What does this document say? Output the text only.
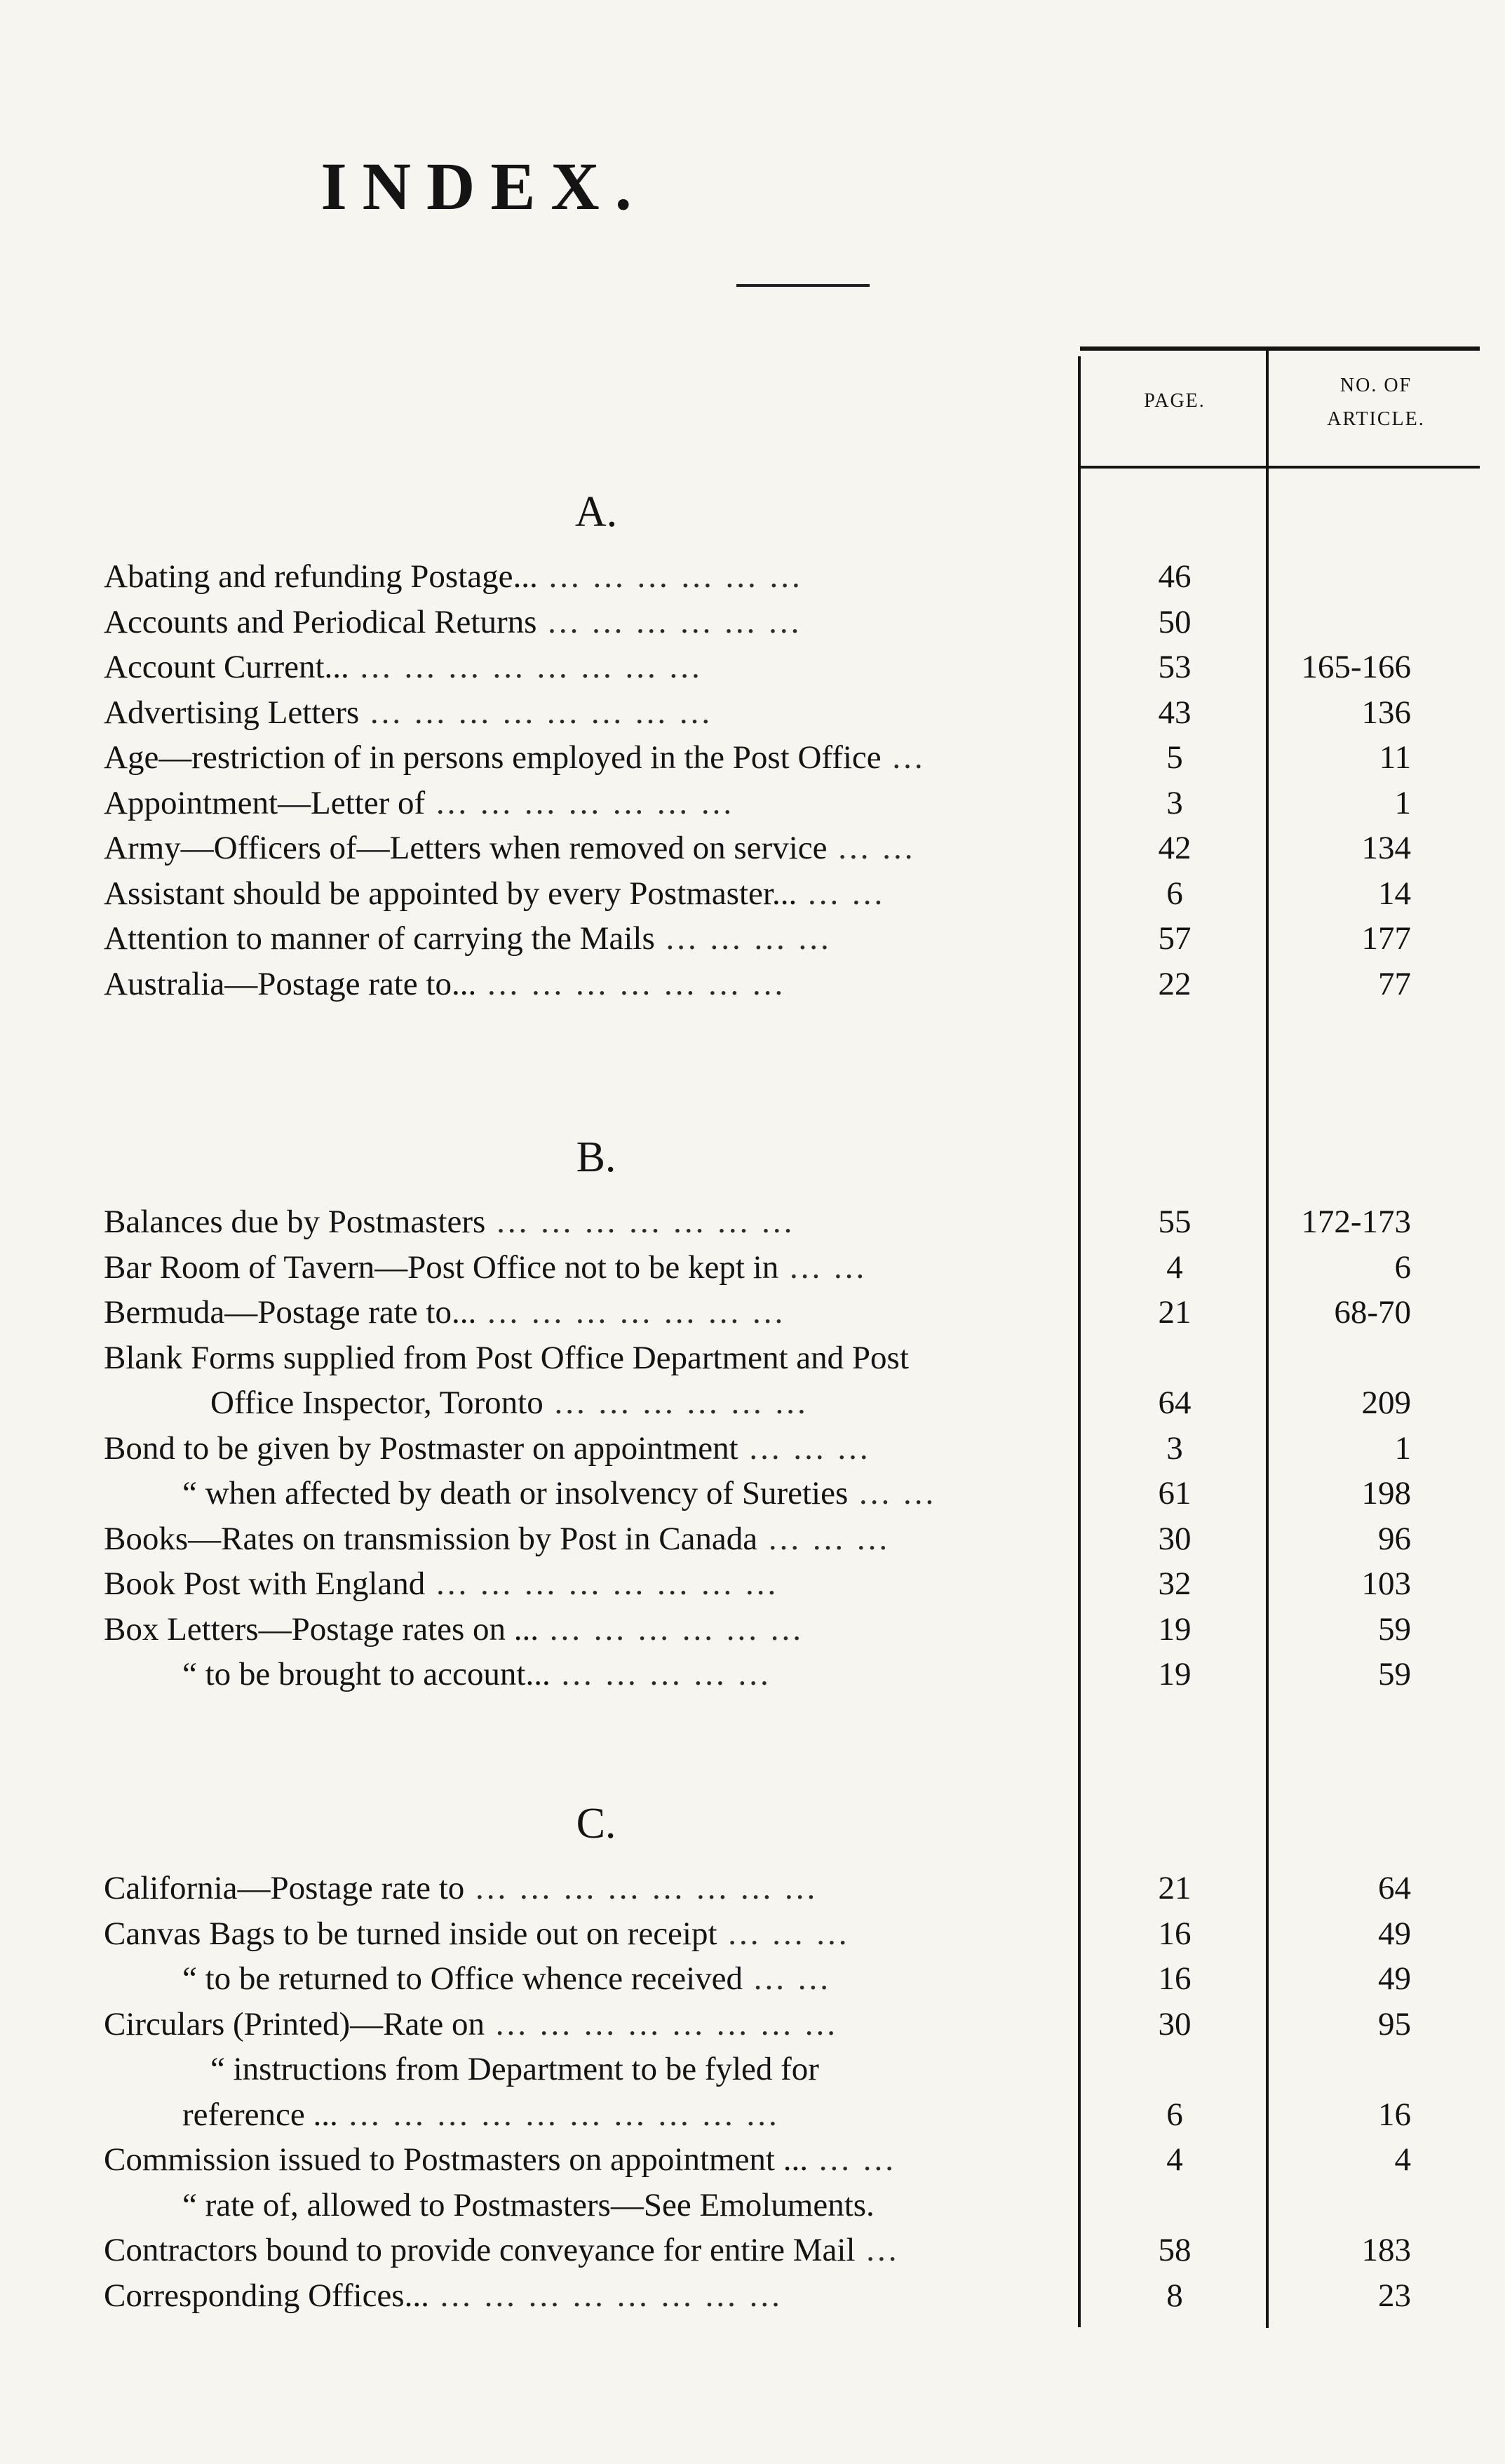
INDEX.
PAGE.
NO. OF
ARTICLE.
A.
Abating and refunding Postage... ... ... ... ... ... ...	46
Accounts and Periodical Returns ... ... ... ... ... ...	50
Account Current... ... ... ... ... ... ... ... ...	53	165-166
Advertising Letters ... ... ... ... ... ... ... ...	43	136
Age—restriction of in persons employed in the Post Office ...	5	11
Appointment—Letter of ... ... ... ... ... ... ...	3	1
Army—Officers of—Letters when removed on service ... ...	42	134
Assistant should be appointed by every Postmaster... ... ...	6	14
Attention to manner of carrying the Mails ... ... ... ...	57	177
Australia—Postage rate to... ... ... ... ... ... ... ...	22	77
B.
Balances due by Postmasters ... ... ... ... ... ... ...	55	172-173
Bar Room of Tavern—Post Office not to be kept in ... ...	4	6
Bermuda—Postage rate to... ... ... ... ... ... ... ...	21	68-70
Blank Forms supplied from Post Office Department and Post
Office Inspector, Toronto ... ... ... ... ... ...	64	209
Bond to be given by Postmaster on appointment ... ... ...	3	1
“ when affected by death or insolvency of Sureties ... ...	61	198
Books—Rates on transmission by Post in Canada ... ... ...	30	96
Book Post with England ... ... ... ... ... ... ... ...	32	103
Box Letters—Postage rates on ... ... ... ... ... ... ...	19	59
“ to be brought to account... ... ... ... ... ...	19	59
C.
California—Postage rate to ... ... ... ... ... ... ... ...	21	64
Canvas Bags to be turned inside out on receipt ... ... ...	16	49
“ to be returned to Office whence received ... ...	16	49
Circulars (Printed)—Rate on ... ... ... ... ... ... ... ...	30	95
“ instructions from Department to be fyled for
reference ... ... ... ... ... ... ... ... ... ... ...	6	16
Commission issued to Postmasters on appointment ... ... ...	4	4
“ rate of, allowed to Postmasters—See Emoluments.
Contractors bound to provide conveyance for entire Mail ...	58	183
Corresponding Offices... ... ... ... ... ... ... ... ...	8	23
